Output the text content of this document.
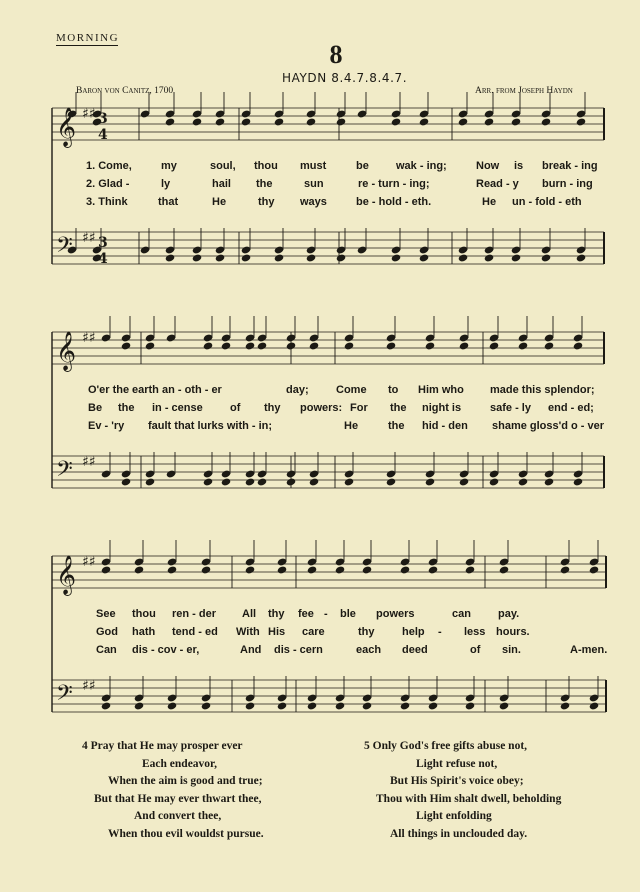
MORNING
8
HAYDN 8.4.7.8.4.7.
Baron von Canitz, 1700	Arr. from Joseph Haydn
𝄞 ♯♯ 3
4
𝄢 ♯♯ 3
4
𝄞 ♯♯
𝄢 ♯♯
𝄞 ♯♯
𝄢 ♯♯
1. Come,	my	soul, thou must	be wak - ing;	Now is break - ing
2. Glad -	ly	hail the	sun	re - turn - ing;	Read - y burn - ing
3. Think	that	He	thy ways	be - hold - eth.	He un - fold - eth
O'er the earth an - oth - er	day; Come to Him who made this splendor;
Be the in - cense of thy powers: For the night is	safe - ly end - ed;
Ev - 'ry fault that lurks with - in;	He	the hid - den shame gloss'd o - ver
See thou ren - der All thy fee - ble powers	can pay.
God hath tend - ed With His care	thy	help - less hours.
Can dis - cov - er,	And dis - cern	each deed	of sin.	A-men.
4 Pray that He may prosper ever
Each endeavor,
When the aim is good and true;
But that He may ever thwart thee,
And convert thee,
When thou evil wouldst pursue.
5 Only God's free gifts abuse not,
Light refuse not,
But His Spirit's voice obey;
Thou with Him shalt dwell, beholding
Light enfolding
All things in unclouded day.
